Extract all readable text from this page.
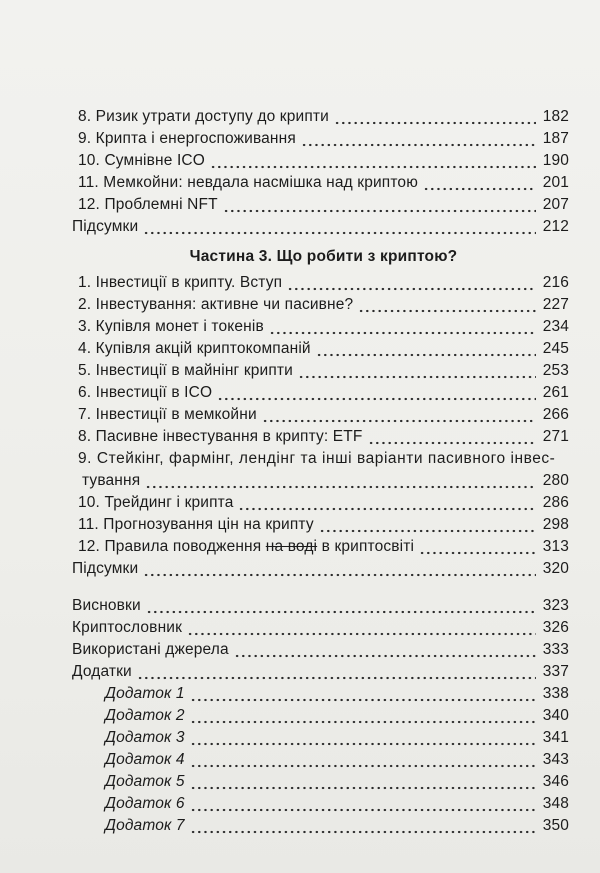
8. Ризик утрати доступу до крипти	182
9. Крипта і енергоспоживання	187
10. Сумнівне ICO	190
11. Мемкойни: невдала насмішка над криптою	201
12. Проблемні NFT	207
Підсумки	212
Частина 3. Що робити з криптою?
1. Інвестиції в крипту. Вступ	216
2. Інвестування: активне чи пасивне?	227
3. Купівля монет і токенів	234
4. Купівля акцій криптокомпаній	245
5. Інвестиції в майнінг крипти	253
6. Інвестиції в ICO	261
7. Інвестиції в мемкойни	266
8. Пасивне інвестування в крипту: ETF	271
9. Стейкінг, фармінг, лендінг та інші варіанти пасивного інвес-
тування	280
10. Трейдинг і крипта	286
11. Прогнозування цін на крипту	298
12. Правила поводження на воді в криптосвіті	313
Підсумки	320
Висновки	323
Криптословник	326
Використані джерела	333
Додатки	337
Додаток 1	338
Додаток 2	340
Додаток 3	341
Додаток 4	343
Додаток 5	346
Додаток 6	348
Додаток 7	350
